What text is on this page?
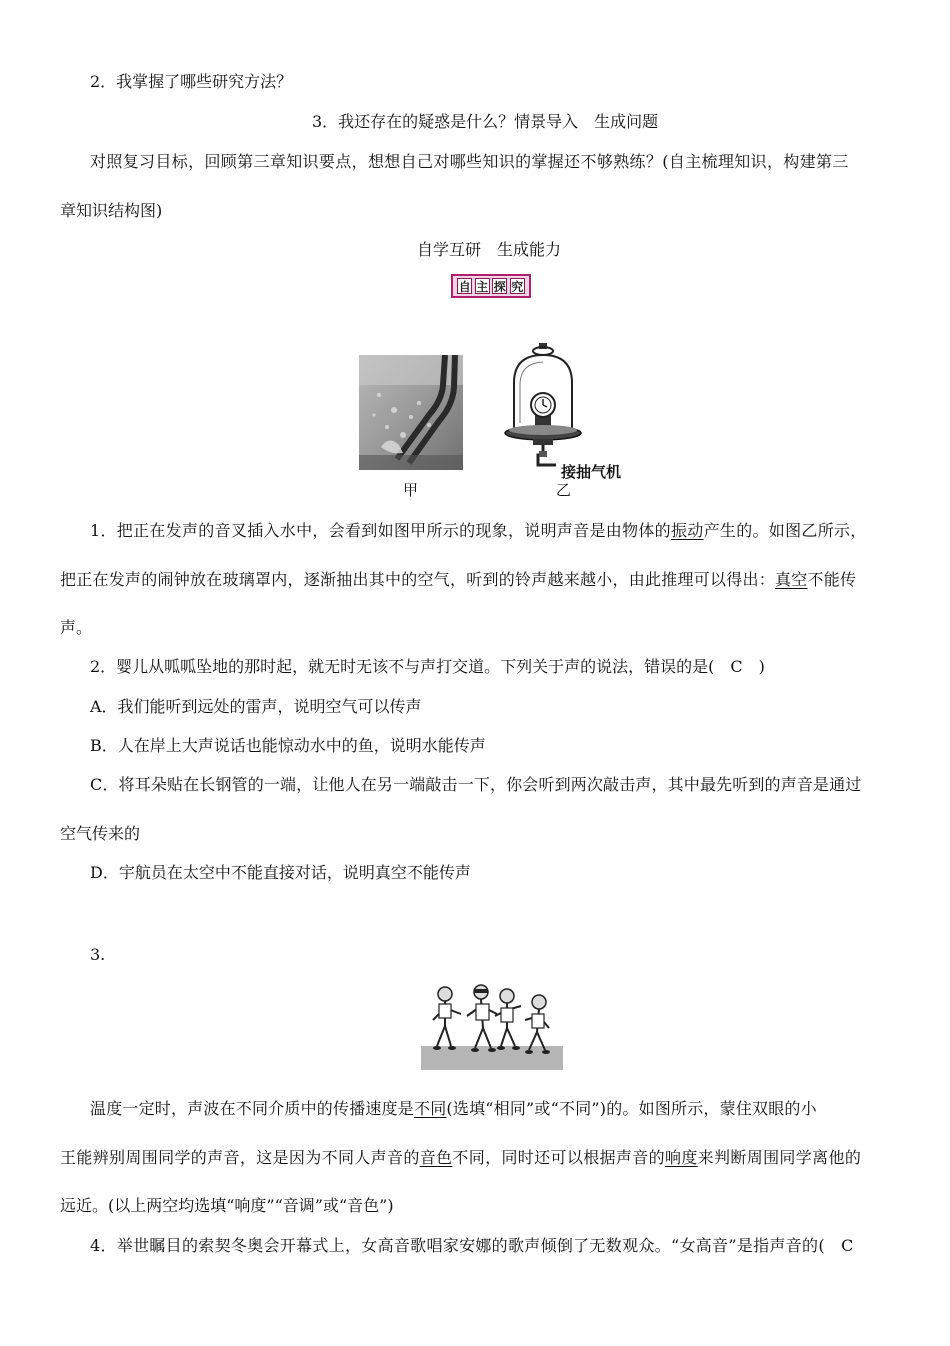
2．我掌握了哪些研究方法？
3．我还存在的疑惑是什么？情景导入　生成问题
对照复习目标，回顾第三章知识要点，想想自己对哪些知识的掌握还不够熟练？(自主梳理知识，构建第三
章知识结构图)
自学互研　生成能力
自 主 探 究
甲
接抽气机
乙
1．把正在发声的音叉插入水中，会看到如图甲所示的现象，说明声音是由物体的振动产生的。如图乙所示，
把正在发声的闹钟放在玻璃罩内，逐渐抽出其中的空气，听到的铃声越来越小，由此推理可以得出：真空不能传
声。
2．婴儿从呱呱坠地的那时起，就无时无该不与声打交道。下列关于声的说法，错误的是(　C　)
A．我们能听到远处的雷声，说明空气可以传声
B．人在岸上大声说话也能惊动水中的鱼，说明水能传声
C．将耳朵贴在长钢管的一端，让他人在另一端敲击一下，你会听到两次敲击声，其中最先听到的声音是通过
空气传来的
D．宇航员在太空中不能直接对话，说明真空不能传声
3.
温度一定时，声波在不同介质中的传播速度是不同(选填“相同”或“不同”)的。如图所示，蒙住双眼的小
王能辨别周围同学的声音，这是因为不同人声音的音色不同，同时还可以根据声音的响度来判断周围同学离他的
远近。(以上两空均选填“响度”“音调”或“音色”)
4．举世瞩目的索契冬奥会开幕式上，女高音歌唱家安娜的歌声倾倒了无数观众。“女高音”是指声音的(　C
